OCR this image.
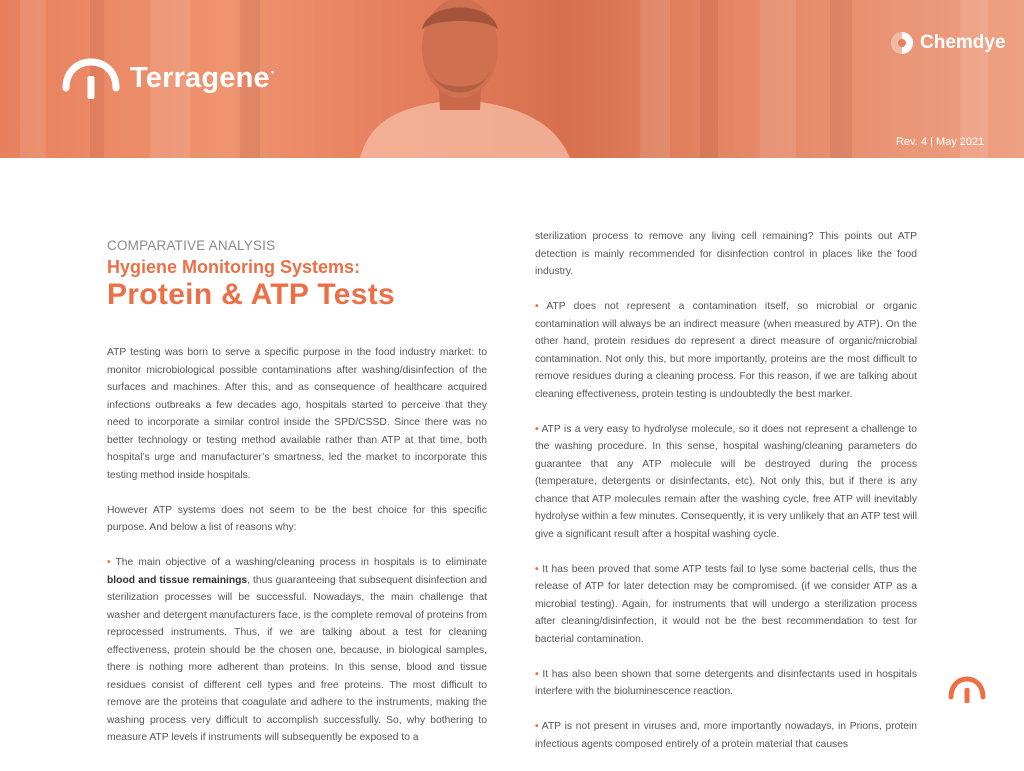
Terragene•
Chemdye
Rev. 4 | May 2021
COMPARATIVE ANALYSIS
Hygiene Monitoring Systems:
Protein & ATP Tests

ATP testing was born to serve a specific purpose in the food industry market: to monitor microbiological possible contaminations after washing/disinfection of the surfaces and machines. After this, and as consequence of healthcare acquired infections outbreaks a few decades ago, hospitals started to perceive that they need to incorporate a similar control inside the SPD/CSSD. Since there was no better technology or testing method available rather than ATP at that time, both hospital’s urge and manufacturer’s smartness, led the market to incorporate this testing method inside hospitals.

However ATP systems does not seem to be the best choice for this specific purpose. And below a list of reasons why:

• The main objective of a washing/cleaning process in hospitals is to eliminate blood and tissue remainings, thus guaranteeing that subsequent disinfection and sterilization processes will be successful. Nowadays, the main challenge that washer and detergent manufacturers face, is the complete removal of proteins from reprocessed instruments. Thus, if we are talking about a test for cleaning effectiveness, protein should be the chosen one, because, in biological samples, there is nothing more adherent than proteins. In this sense, blood and tissue residues consist of different cell types and free proteins. The most difficult to remove are the proteins that coagulate and adhere to the instruments, making the washing process very difficult to accomplish successfully. So, why bothering to measure ATP levels if instruments will subsequently be exposed to a

sterilization process to remove any living cell remaining? This points out ATP detection is mainly recommended for disinfection control in places like the food industry.

• ATP does not represent a contamination itself, so microbial or organic contamination will always be an indirect measure (when measured by ATP). On the other hand, protein residues do represent a direct measure of organic/microbial contamination. Not only this, but more importantly, proteins are the most difficult to remove residues during a cleaning process. For this reason, if we are talking about cleaning effectiveness, protein testing is undoubtedly the best marker.

• ATP is a very easy to hydrolyse molecule, so it does not represent a challenge to the washing procedure. In this sense, hospital washing/cleaning parameters do guarantee that any ATP molecule will be destroyed during the process (temperature, detergents or disinfectants, etc). Not only this, but if there is any chance that ATP molecules remain after the washing cycle, free ATP will inevitably hydrolyse within a few minutes. Consequently, it is very unlikely that an ATP test will give a significant result after a hospital washing cycle.

• It has been proved that some ATP tests fail to lyse some bacterial cells, thus the release of ATP for later detection may be compromised. (if we consider ATP as a microbial testing). Again, for instruments that will undergo a sterilization process after cleaning/disinfection, it would not be the best recommendation to test for bacterial contamination.

• It has also been shown that some detergents and disinfectants used in hospitals interfere with the bioluminescence reaction.

• ATP is not present in viruses and, more importantly nowadays, in Prions, protein infectious agents composed entirely of a protein material that causes
